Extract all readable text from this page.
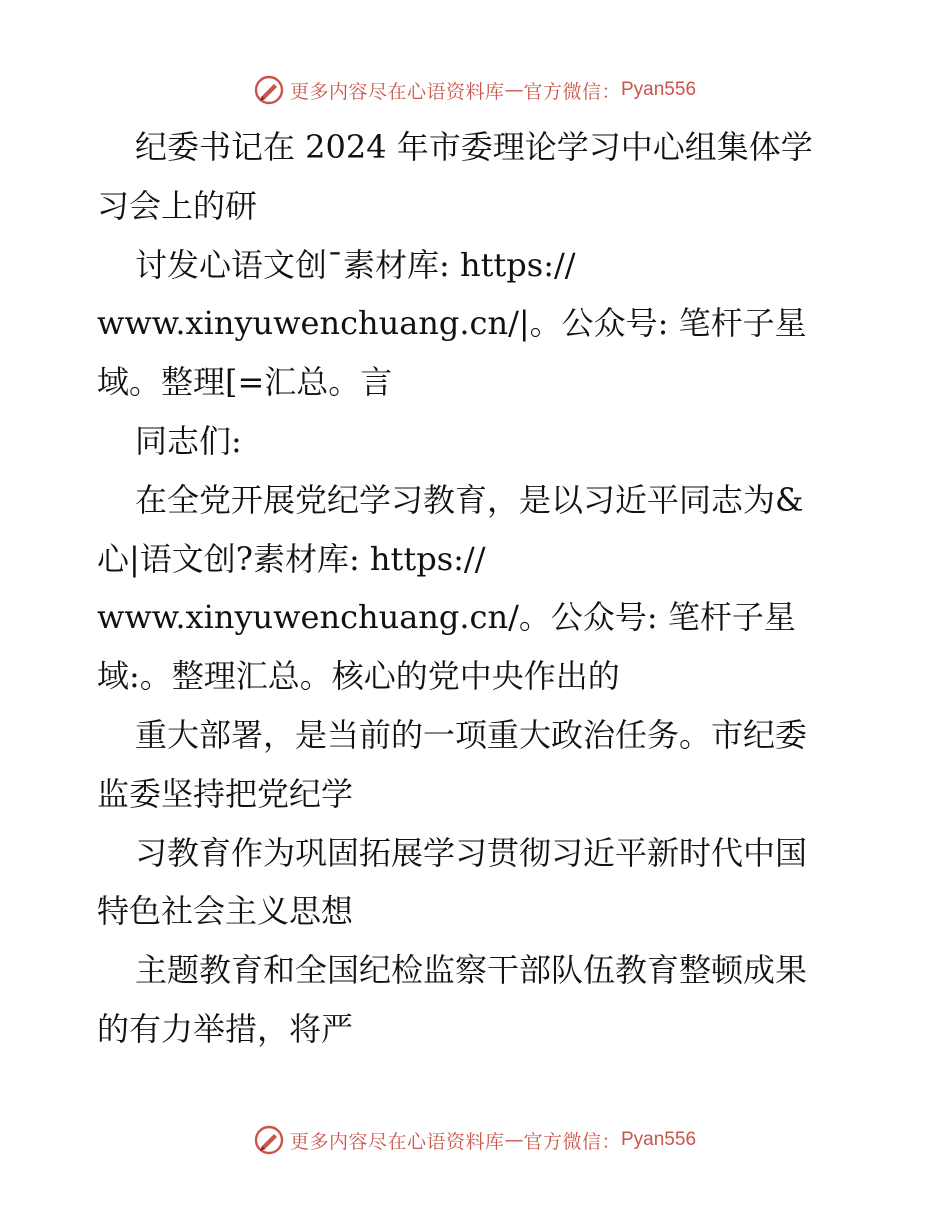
更多内容尽在心语资料库 — 官方微信： Pyan556
纪委书记在 2024 年市委理论学习中心组集体学
习会上的研
讨发心语文创¯素材库: https://
www.xinyuwenchuang.cn/|。公众号: 笔杆子星
域。整理[=汇总。言
同志们:
在全党开展党纪学习教育，是以习近平同志为&
心|语文创?素材库: https://
www.xinyuwenchuang.cn/。公众号: 笔杆子星
域:。整理汇总。核心的党中央作出的
重大部署，是当前的一项重大政治任务。市纪委
监委坚持把党纪学
习教育作为巩固拓展学习贯彻习近平新时代中国
特色社会主义思想
主题教育和全国纪检监察干部队伍教育整顿成果
的有力举措，将严
更多内容尽在心语资料库 — 官方微信： Pyan556
